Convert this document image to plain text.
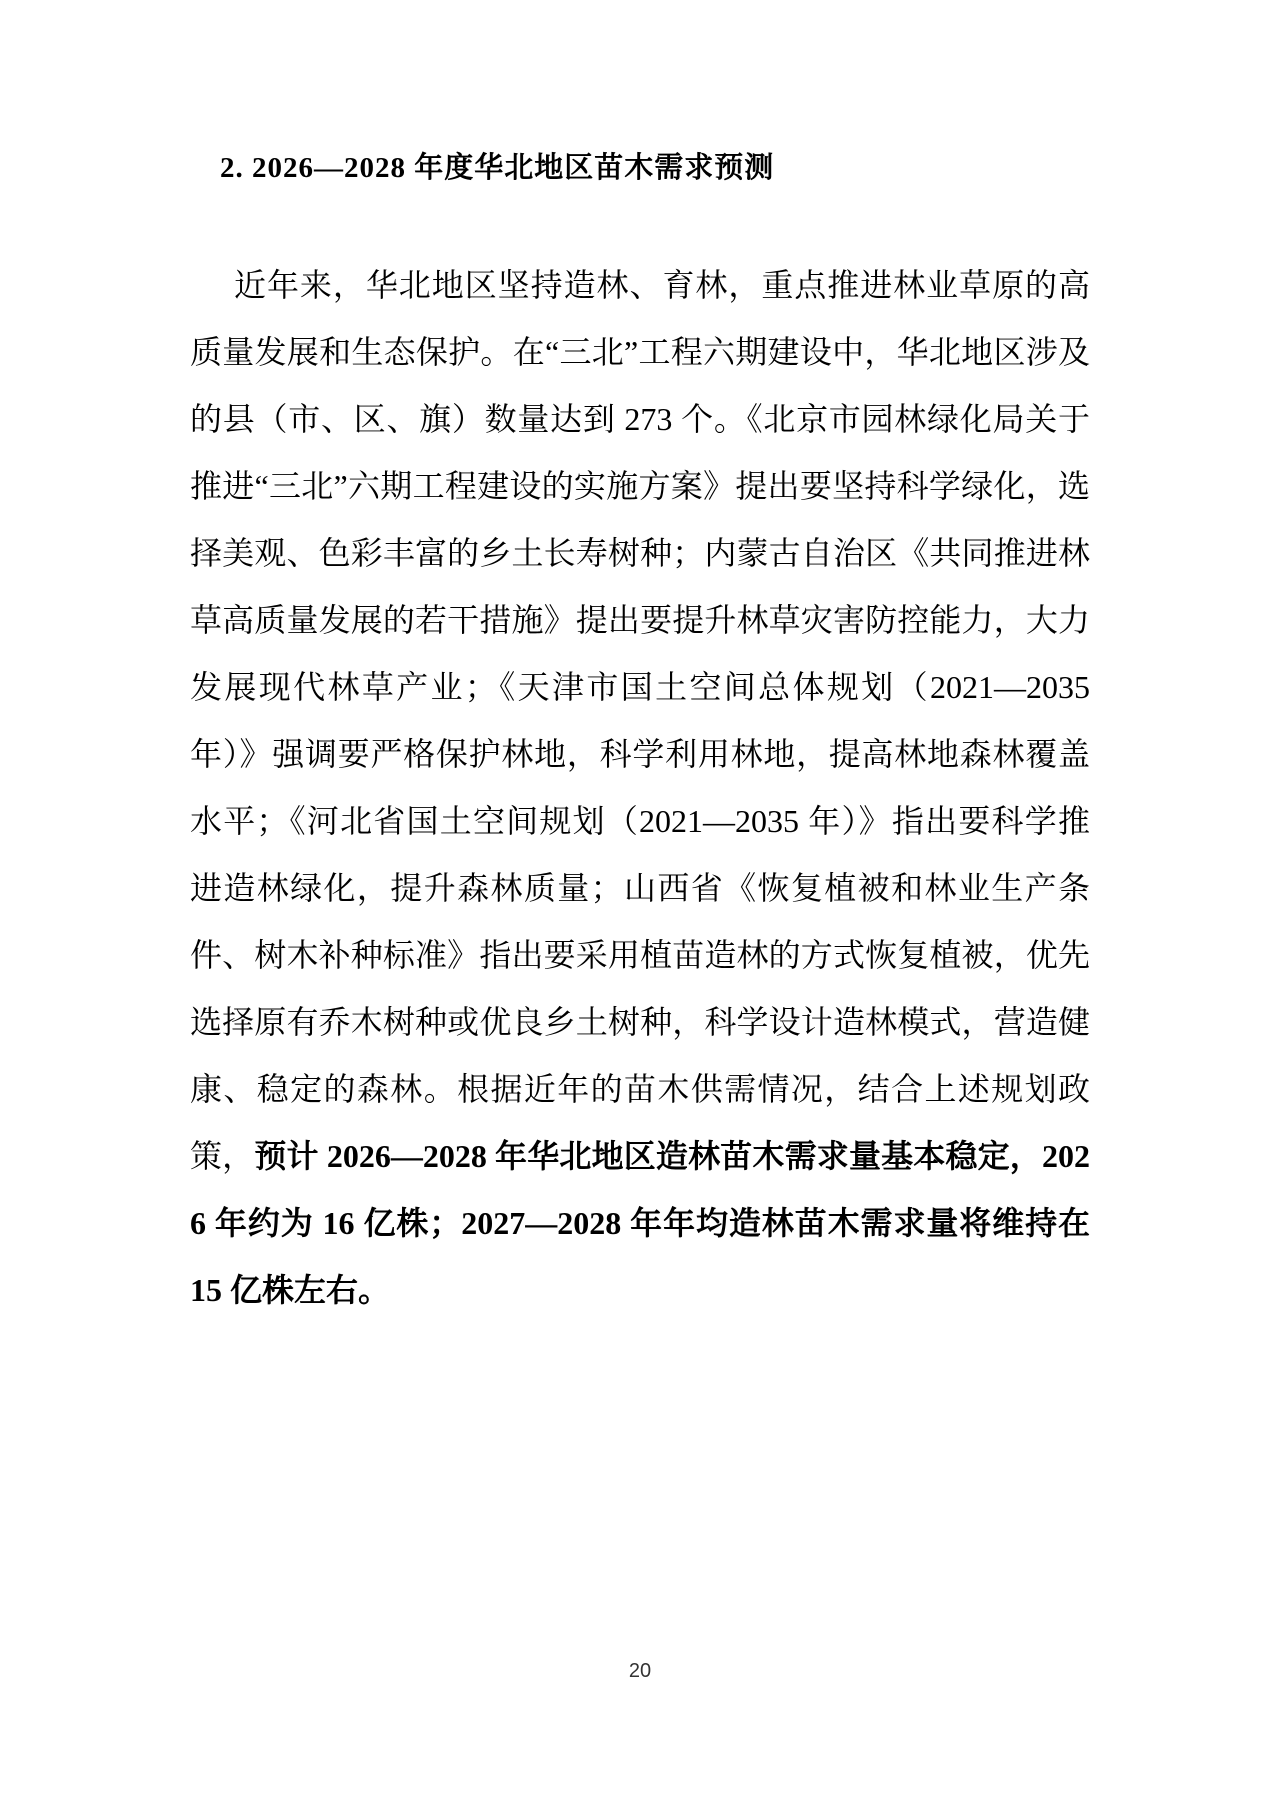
2. 2026—2028 年度华北地区苗木需求预测

近年来，华北地区坚持造林、育林，重点推进林业草原的高质量发展和生态保护。在“三北”工程六期建设中，华北地区涉及的县（市、区、旗）数量达到 273 个。《北京市园林绿化局关于推进“三北”六期工程建设的实施方案》提出要坚持科学绿化，选择美观、色彩丰富的乡土长寿树种；内蒙古自治区《共同推进林草高质量发展的若干措施》提出要提升林草灾害防控能力，大力发展现代林草产业；《天津市国土空间总体规划（2021—2035 年）》强调要严格保护林地，科学利用林地，提高林地森林覆盖水平；《河北省国土空间规划（2021—2035 年）》指出要科学推进造林绿化，提升森林质量；山西省《恢复植被和林业生产条件、树木补种标准》指出要采用植苗造林的方式恢复植被，优先选择原有乔木树种或优良乡土树种，科学设计造林模式，营造健康、稳定的森林。根据近年的苗木供需情况，结合上述规划政策，预计 2026—2028 年华北地区造林苗木需求量基本稳定，2026 年约为 16 亿株；2027—2028 年年均造林苗木需求量将维持在 15 亿株左右。

20
